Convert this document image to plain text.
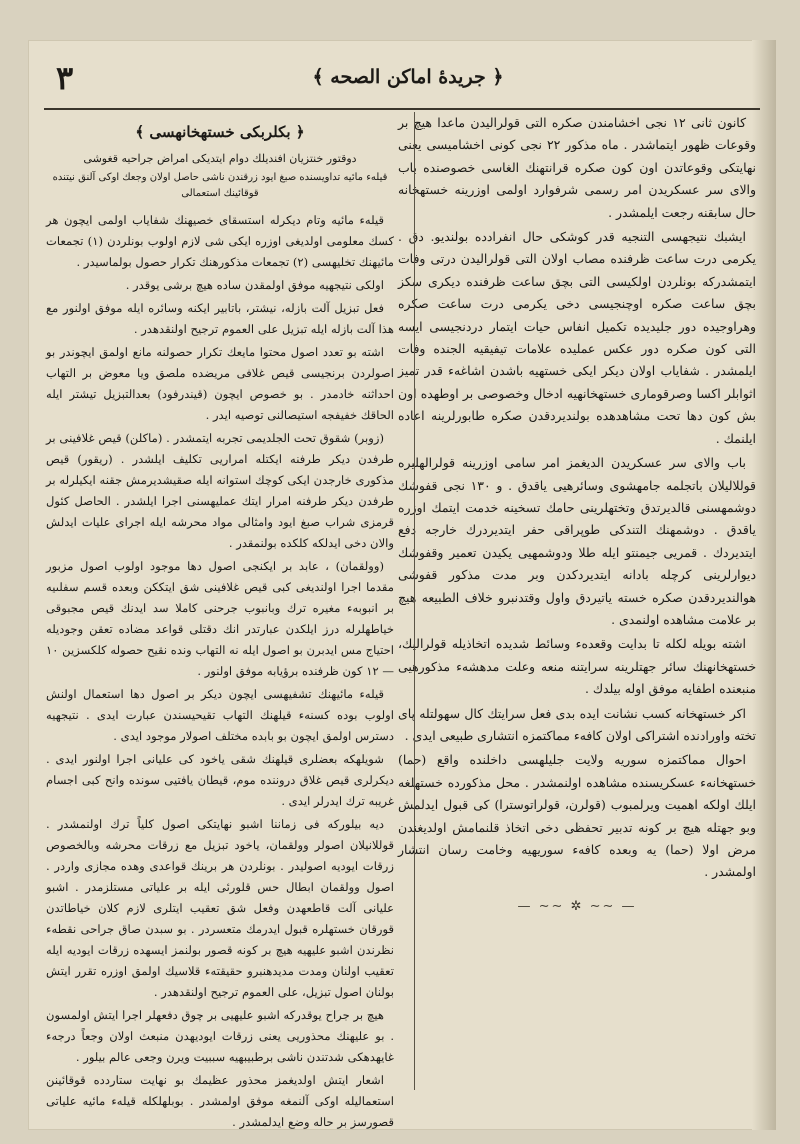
﴿ جريدهٔ اماكن الصحه ﴾
٣

كانون ثانى ١٢ نجى اخشامندن صكره التى قولراليدن ماعدا هيچ بر وقوعات ظهور ايتماشدر . ماه مذكور ٢٢ نجى كونى اخشاميسى يعنى نهايتكى وقوعاتدن اون كون صكره قرانتهنك الغاسى خصوصنده باب والاى سر عسكريدن امر رسمى شرفوارد اولمى اوزرينه خستهخانه حال سابقنه رجعت ايلمشدر .

ايشبك نتيجهسى التنجيه قدر كوشكى حال انفرادده بولنديو. دق . يكرمى درت ساعت ظرفنده مصاب اولان التى قولراليدن درتى وفات ايتمشدركه بونلردن اولكيسى التى بچق ساعت ظرفنده ديكرى سكز بچق ساعت صكره اوچنجيسى دخى يكرمى درت ساعت صكره وهراوجيده دور جليديده تكميل انفاس حيات ايتمار دردنجيسى ايسه التى كون صكره دور عكس عمليده علامات تيفيقيه الجنده وفات ايلمشدر . شفاياب اولان ديكر ايكى خستهيه باشدن اشاغهء قدر تميز اثوابلر اكسا وصرقومارى خستهخانهيه ادخال وخصوصى بر اوطهده اون بش كون دها تحت مشاهدهده بولنديردقدن صكره طابورلرينه اعاده ايلنمك .

باب والاى سر عسكريدن الديغمز امر سامى اوزرينه قولرالهليره قوللاليلان باتجلمه جامهشوى وسائرهيى ياقدق . و ١٣٠ نجى قفوشك دوشمهسنى قالديرتدق وتختهلرينى حامك تسخينه خدمت ايتمك اوزره ياقدق . دوشمهنك التندكى طوپراقى حفر ايتديردرك خارجه دفع ايتديردك . قمريى جيمنتو ايله طلا ودوشمهيى يكيدن تعمير وقفوشك ديوارلرينى كرچله بادانه ايتديردكدن وبر مدت مذكور قفوشى هوالنديردقدن صكره خسته ياتيردق واول وقتدنبرو خلاف الطبيعه هيچ بر علامت مشاهده اولنمدى .

اشته بويله لكله تا بدايت وقعدهء وسائط شديده اتخاذيله قولراليك، خستهخانهنك سائر جهتلرينه سرايتنه منعه وعلت مدهشهء مذكورهيى منبعنده اطفايه موفق اوله بيلدك .

اكر خستهخانه كسب نشانت ايده بدى فعل سرايتك كال سهولتله پاى تخته واورادنده اشتراكى اولان كافهء مماكتمزه انتشارى طبيعى ايدى .

احوال مماكتمزه سوريه ولايت جليلهسى داخلنده واقع (حما) خستهخانهء عسكريسنده مشاهده اولنمشدر . محل مذكورده خستهلغه ايلك اولكه اهميت ويرلمبوب (قولرن، قولراتوسترا) كى قبول ايدلمش وبو جهتله هيچ بر كونه تدبير تحفظى دخى اتخاذ قلنمامش اولديغندن مرض اولا (حما) يه وبعده كافهء سوريهيه وخامت رسان انتشار اولمشدر .

— ∽∽ ✲ ∽∽ —
﴿ بكلربكى خستهخانهسى ﴾
دوقتور خنتزيان افنديلك دوام ايتديكى امراض جراحيه قغوشى
قيلهء مائيه تداويسنده صبغ ايود زرقندن ناشى حاصل اولان وجعك اوكى آلنق نيتنده قوقائينك استعمالى

قيلهء مائيه وتام ديكرله استسقاى خصيهنك شفاياب اولمى ايچون هر كسك معلومى اولديغى اوزره ايكى شى لازم اولوب بونلردن (١) تجمعات مائيهنك تخليهسى (٢) تجمعات مذكورهنك تكرار حصول بولماسيدر .

اولكى نتيجهيه موفق اولمقدن ساده هيچ برشى يوقدر .

فعل تبزيل آلت بازله، نيشتر، باتابير ايكنه وسائره ايله موفق اولنور مع هذا آلت بازله ايله تبزيل على العموم ترجيح اولنقدهدر .

اشته بو تعدد اصول محتوا مايعك تكرار حصولنه مانع اولمق ايچوندر بو اصولردن برنجيسى قيص غلافى مريضده ملصق ويا معوض بر التهاب احداثنه خادمدر . بو خصوص ايچون (قيندرفود) بعدالتبزيل تيشتر ايله الحاقك خفيفجه استيصالنى توصيه ايدر .

(زوبر) شقوق تحت الجلديمى تجربه ايتمشدر . (ماكلن) قيص غلافينى بر طرفدن ديكر طرفنه ايكتله امراريى تكليف ايلشدر . (ريقور) قيص مذكورى خارجدن ايكى كوچك استوانه ايله صقيشديرمش جقنه ايكيلرله بر طرفدن ديكر طرفنه امرار ايتك عمليهسنى اجرا ايلشدر . الحاصل كئول قرمزى شراب صبغ ايود وامثالى مواد محرشه ايله اجراى عليات ايدلش والان دخى ايدلكه كلكده بولنمقدر .

(وولقمان) ، عابد بر ايكنجى اصول دها موجود اولوب اصول مزبور مقدما اجرا اولنديغى كبى قيص غلافينى شق ايتككن وبعده قسم سفلىيه بر انبوبهء مغيره ترك وبانبوب جرحنى كاملا سد ايدنك قيص مجبوقى خياطهلرله درز ايلكدن عبارتدر انك دقتلى قواعد مضاده تعقن وجوديله احتياج مس ايدبرن بو اصول ايله نه التهاب ونده نقيح حصوله كلكسزين ١٠ — ١٢ كون ظرفنده برؤيابه موفق اولنور .

قيلهء مائيهنك تشفيهسى ايچون ديكر بر اصول دها استعمال اولنش اولوب بوده كسنهء قيلهنك التهاب تقيحيسندن عبارت ايدى . نتيجهيه دسترس اولمق ايچون بو بابده مختلف اصولار موجود ايدى .

شويلهكه بعضلرى قيلهنك شقى ياخود كى عليانى اجرا اولنور ايدى . ديكرلرى قيص غلاق دروننده موم، قيطان يافتيى سونده وانح كبى اجسام غريبه ترك ايدرلر ايدى .

ديه بيلوركه فى زماننا اشبو نهايتكى اصول كلياً ترك اولنمشدر . قوللانيلان اصولر وولقمان، ياخود تبزيل مع زرقات محرشه وبالخصوص زرقات ايوديه اصوليدر . بونلردن هر برينك قواعدى وهده مجازى واردر . اصول وولقمان ابطال حس قلورئى ايله بر علياتى مستلزمدر . اشبو عليانى آلت قاطعهدن وفعل شق تعقيب ايتلرى لازم كلان خياطاتدن قورقان خستهلره قبول ايدرمك متعسردر . بو سبدن صاق جراحى نقطهء نظرندن اشبو عليهيه هيچ بر كونه قصور بولنمز ايسهده زرقات ايوديه ايله تعقيب اولنان ومدت مديدهنبرو حقيقتهء قلاسيك اولمق اوزره تقرر ايتش بولنان اصول تبزيل، على العموم ترجيح اولنقدهدر .

هيچ بر جراح يوقدركه اشبو عليهيى بر چوق دفعهلر اجرا ايتش اولمسون . بو عليهنك محذوريى يعنى زرقات ايوديهدن منبعث اولان وجعاً درجهء غايهدهكى شدتندن ناشى برطبيبهيه سببيت ويرن وجعى عالم بيلور .

اشعار ايتش اولديغمز محذور عظيمك بو نهايت ستاردده قوقائينن استعماليله اوكى آلنمغه موفق اولمشدر . بوبلهلكله قيلهء مائيه علياتى قصورسز بر حاله وضع ايدلمشدر .
